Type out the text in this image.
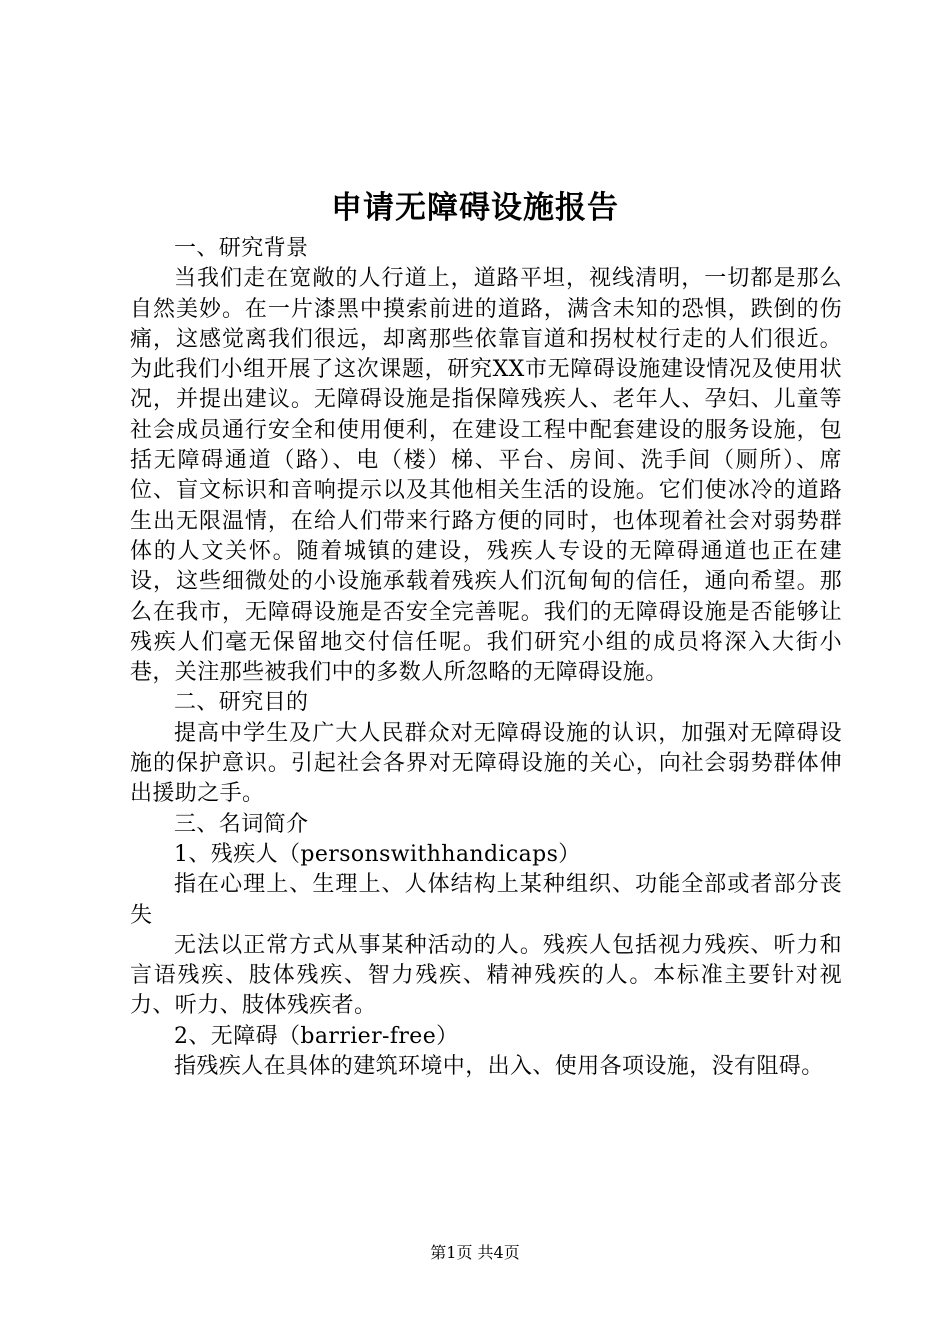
申请无障碍设施报告

一、研究背景

当我们走在宽敞的人行道上，道路平坦，视线清明，一切都是那么自然美妙。在一片漆黑中摸索前进的道路，满含未知的恐惧，跌倒的伤痛，这感觉离我们很远，却离那些依靠盲道和拐杖杖行走的人们很近。为此我们小组开展了这次课题，研究XX市无障碍设施建设情况及使用状况，并提出建议。无障碍设施是指保障残疾人、老年人、孕妇、儿童等社会成员通行安全和使用便利，在建设工程中配套建设的服务设施，包括无障碍通道（路）、电（楼）梯、平台、房间、洗手间（厕所）、席位、盲文标识和音响提示以及其他相关生活的设施。它们使冰冷的道路生出无限温情，在给人们带来行路方便的同时，也体现着社会对弱势群体的人文关怀。随着城镇的建设，残疾人专设的无障碍通道也正在建设，这些细微处的小设施承载着残疾人们沉甸甸的信任，通向希望。那么在我市，无障碍设施是否安全完善呢。我们的无障碍设施是否能够让残疾人们毫无保留地交付信任呢。我们研究小组的成员将深入大街小巷，关注那些被我们中的多数人所忽略的无障碍设施。

二、研究目的

提高中学生及广大人民群众对无障碍设施的认识，加强对无障碍设施的保护意识。引起社会各界对无障碍设施的关心，向社会弱势群体伸出援助之手。

三、名词简介

1、残疾人（personswithhandicaps）

指在心理上、生理上、人体结构上某种组织、功能全部或者部分丧失

无法以正常方式从事某种活动的人。残疾人包括视力残疾、听力和言语残疾、肢体残疾、智力残疾、精神残疾的人。本标准主要针对视力、听力、肢体残疾者。

2、无障碍（barrier-free）

指残疾人在具体的建筑环境中，出入、使用各项设施，没有阻碍。

第1页 共4页
